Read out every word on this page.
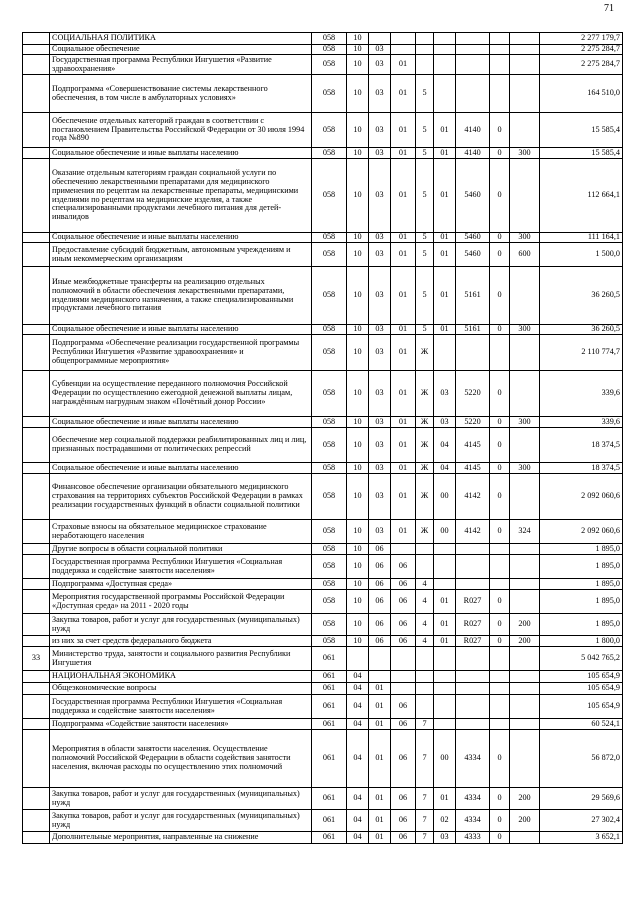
71
	СОЦИАЛЬНАЯ ПОЛИТИКА	058	10								2 277 179,7
	Социальное обеспечение	058	10	03							2 275 284,7
	Государственная программа Республики Ингушетия «Развитие здравоохранения»	058	10	03	01						2 275 284,7
	Подпрограмма «Совершенствование системы лекарственного обеспечения, в том числе в амбулаторных условиях»	058	10	03	01	5					164 510,0
	Обеспечение отдельных категорий граждан в соответствии с постановлением Правительства Российской Федерации от 30 июля 1994 года №890	058	10	03	01	5	01	4140	0		15 585,4
	Социальное обеспечение и иные выплаты населению	058	10	03	01	5	01	4140	0	300	15 585,4
	Оказание отдельным категориям граждан социальной услуги по обеспечению лекарственными препаратами для медицинского применения по рецептам на лекарственные препараты, медицинскими изделиями по рецептам на медицинские изделия, а также специализированными продуктами лечебного питания для детей-инвалидов	058	10	03	01	5	01	5460	0		112 664,1
	Социальное обеспечение и иные выплаты населению	058	10	03	01	5	01	5460	0	300	111 164,1
	Предоставление субсидий бюджетным, автономным учреждениям и иным некоммерческим организациям	058	10	03	01	5	01	5460	0	600	1 500,0
	Иные межбюджетные трансферты на реализацию отдельных полномочий в области обеспечения лекарственными препаратами, изделиями медицинского назначения, а также специализированными продуктами лечебного питания	058	10	03	01	5	01	5161	0		36 260,5
	Социальное обеспечение и иные выплаты населению	058	10	03	01	5	01	5161	0	300	36 260,5
	Подпрограмма «Обеспечение реализации государственной программы Республики Ингушетия «Развитие здравоохранения» и общепрограммные мероприятия»	058	10	03	01	Ж					2 110 774,7
	Субвенции на осуществление переданного полномочия Российской Федерации по осуществлению ежегодной денежной выплаты лицам, награждённым нагрудным знаком «Почётный донор России»	058	10	03	01	Ж	03	5220	0		339,6
	Социальное обеспечение и иные выплаты населению	058	10	03	01	Ж	03	5220	0	300	339,6
	Обеспечение мер социальной поддержки реабилитированных лиц и лиц, признанных пострадавшими от политических репрессий	058	10	03	01	Ж	04	4145	0		18 374,5
	Социальное обеспечение и иные выплаты населению	058	10	03	01	Ж	04	4145	0	300	18 374,5
	Финансовое обеспечение организации обязательного медицинского страхования на территориях субъектов Российской Федерации в рамках реализации государственных функций в области социальной политики	058	10	03	01	Ж	00	4142	0		2 092 060,6
	Страховые взносы на обязательное медицинское страхование неработающего населения	058	10	03	01	Ж	00	4142	0	324	2 092 060,6
	Другие вопросы в области социальной политики	058	10	06							1 895,0
	Государственная программа Республики Ингушетия «Социальная поддержка и содействие занятости населения»	058	10	06	06						1 895,0
	Подпрограмма «Доступная среда»	058	10	06	06	4					1 895,0
	Мероприятия государственной программы Российской Федерации «Доступная среда» на 2011 - 2020 годы	058	10	06	06	4	01	R027	0		1 895,0
	Закупка товаров, работ и услуг для государственных (муниципальных) нужд	058	10	06	06	4	01	R027	0	200	1 895,0
	из них за счет средств федерального бюджета	058	10	06	06	4	01	R027	0	200	1 800,0
33	Министерство труда, занятости и социального развития Республики Ингушетия	061									5 042 765,2
	НАЦИОНАЛЬНАЯ ЭКОНОМИКА	061	04								105 654,9
	Общеэкономические вопросы	061	04	01							105 654,9
	Государственная программа Республики Ингушетия «Социальная поддержка и содействие занятости населения»	061	04	01	06						105 654,9
	Подпрограмма «Содействие занятости населения»	061	04	01	06	7					60 524,1
	Мероприятия в области занятости населения. Осуществление полномочий Российской Федерации в области содействия занятости населения, включая расходы по осуществлению этих полномочий	061	04	01	06	7	00	4334	0		56 872,0
	Закупка товаров, работ и услуг для государственных (муниципальных) нужд	061	04	01	06	7	01	4334	0	200	29 569,6
	Закупка товаров, работ и услуг для государственных (муниципальных) нужд	061	04	01	06	7	02	4334	0	200	27 302,4
	Дополнительные мероприятия, направленные на снижение	061	04	01	06	7	03	4333	0		3 652,1
